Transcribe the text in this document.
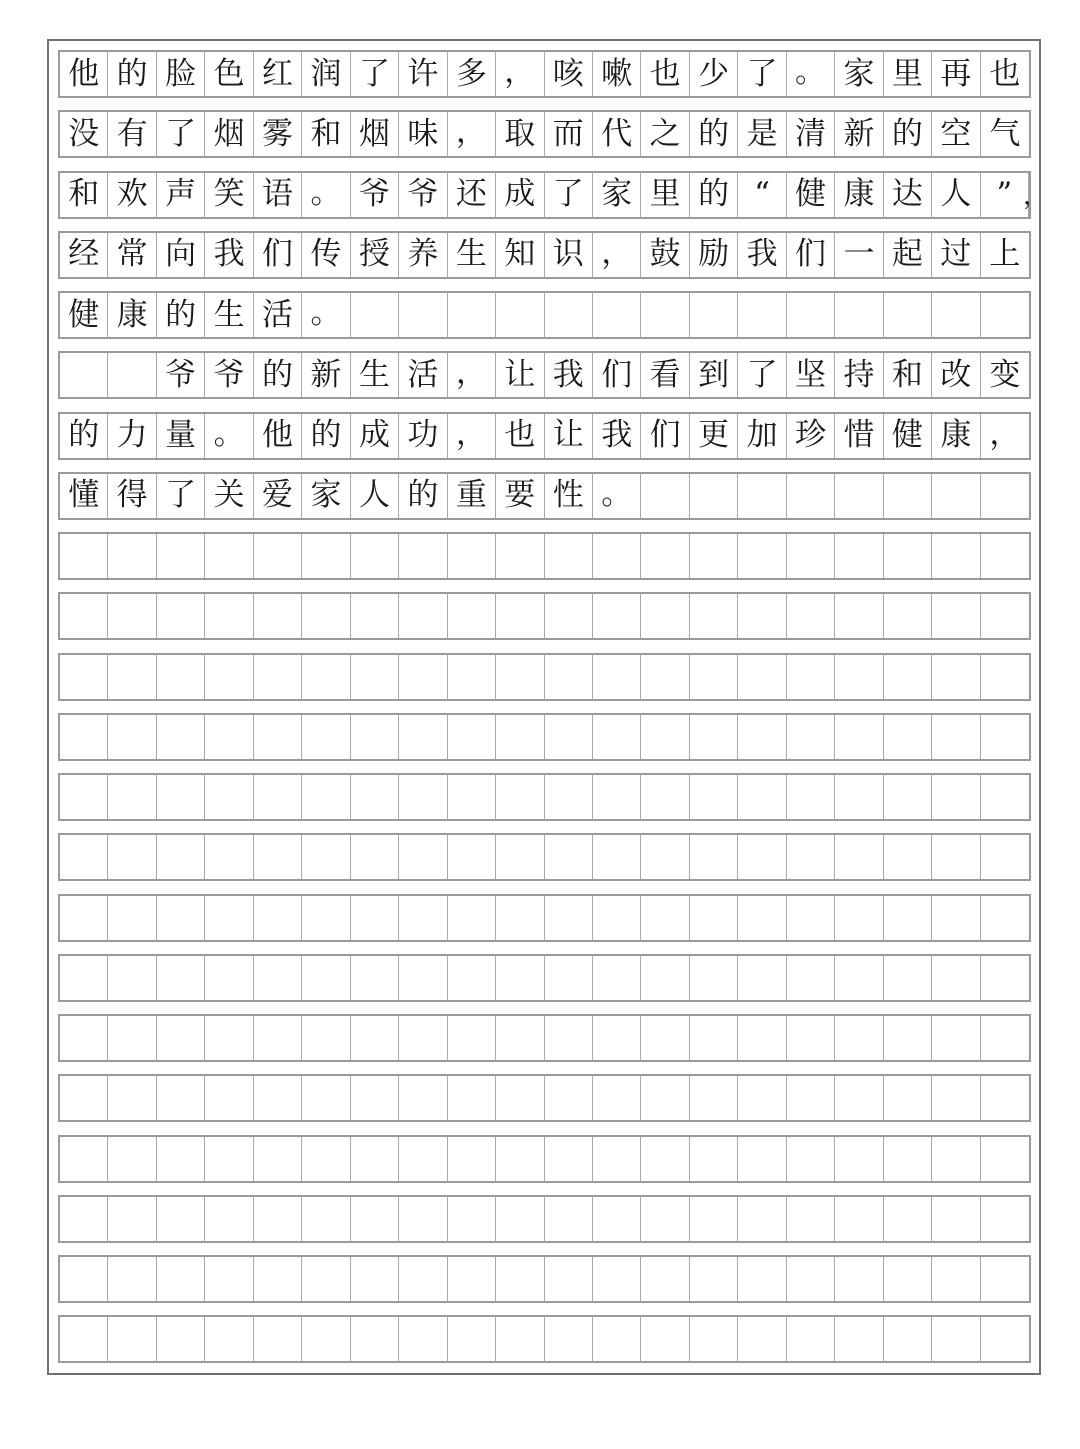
他 的 脸 色 红 润 了 许 多 ， 咳 嗽 也 少 了 。 家 里 再 也
没 有 了 烟 雾 和 烟 味 ， 取 而 代 之 的 是 清 新 的 空 气
和 欢 声 笑 语 。 爷 爷 还 成 了 家 里 的 “ 健 康 达 人 ” ，
经 常 向 我 们 传 授 养 生 知 识 ， 鼓 励 我 们 一 起 过 上
健 康 的 生 活 。
爷 爷 的 新 生 活 ， 让 我 们 看 到 了 坚 持 和 改 变
的 力 量 。 他 的 成 功 ， 也 让 我 们 更 加 珍 惜 健 康 ，
懂 得 了 关 爱 家 人 的 重 要 性 。
